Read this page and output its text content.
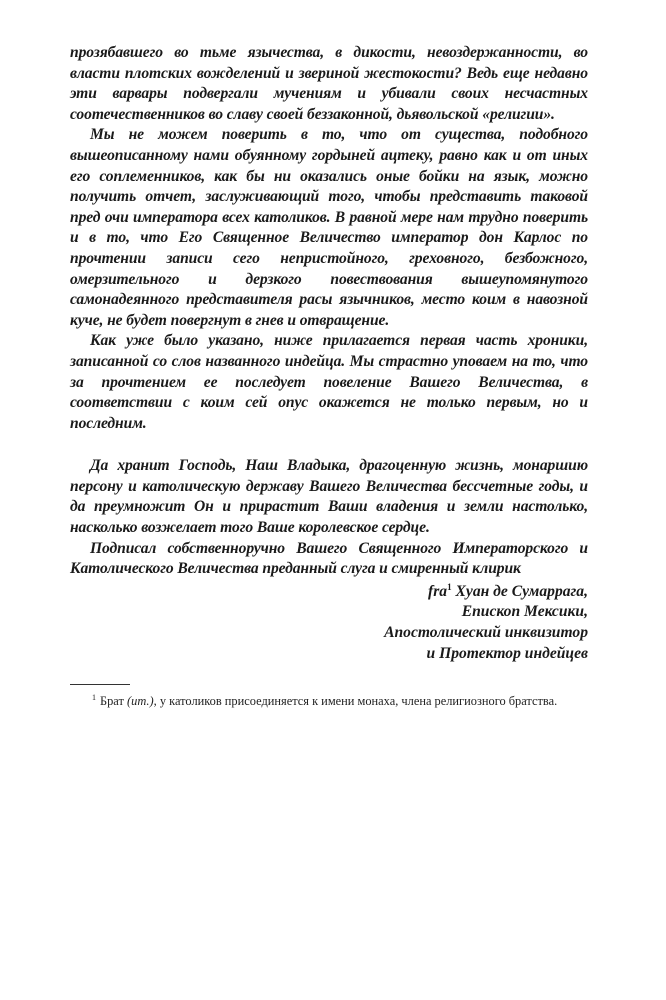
прозябавшего во тьме язычества, в дикости, невоздержанности, во власти плотских вожделений и звериной жестокости? Ведь еще недавно эти варвары подвергали мучениям и убивали своих несчастных соотечественников во славу своей беззаконной, дьявольской «религии».

Мы не можем поверить в то, что от существа, подобного вышеописанному нами обуянному гордыней ацтеку, равно как и от иных его соплеменников, как бы ни оказались оные бойки на язык, можно получить отчет, заслуживающий того, чтобы представить таковой пред очи императора всех католиков. В равной мере нам трудно поверить и в то, что Его Священное Величество император дон Карлос по прочтении записи сего непристойного, греховного, безбожного, омерзительного и дерзкого повествования вышеупомянутого самонадеянного представителя расы язычников, место коим в навозной куче, не будет повергнут в гнев и отвращение.

Как уже было указано, ниже прилагается первая часть хроники, записанной со слов названного индейца. Мы страстно уповаем на то, что за прочтением ее последует повеление Вашего Величества, в соответствии с коим сей опус окажется не только первым, но и последним.

Да хранит Господь, Наш Владыка, драгоценную жизнь, монаршию персону и католическую державу Вашего Величества бессчетные годы, и да преумножит Он и прирастит Ваши владения и земли настолько, насколько возжелает того Ваше королевское сердце.

Подписал собственноручно Вашего Священного Императорского и Католического Величества преданный слуга и смиренный клирик

fra$^1$ Хуан де Сумаррага,
Епископ Мексики,
Апостолический инквизитор
и Протектор индейцев
$^1$ Брат (ит.), у католиков присоединяется к имени монаха, члена религиозного братства.
